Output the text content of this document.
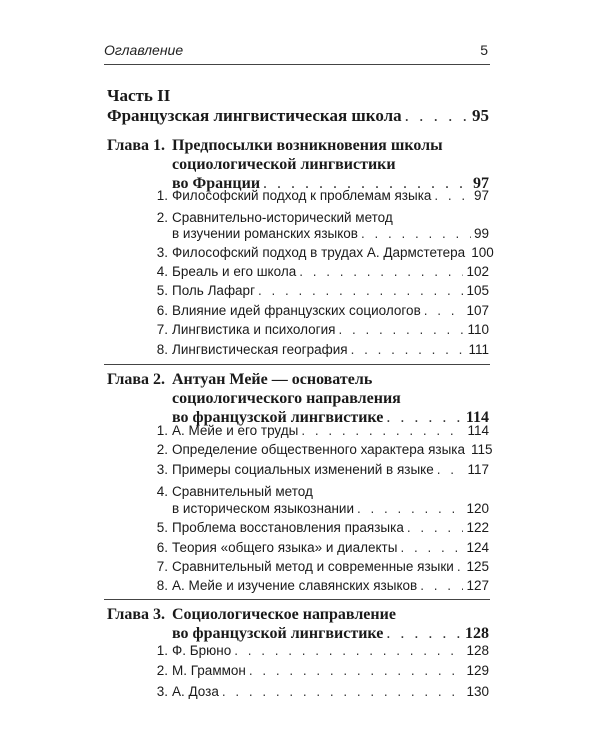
Оглавление	5
Часть II
Французская лингвистическая школа . . .	95
Глава 1. Предпосылки возникновения школы
социологической лингвистики
во Франции . . .	97
1. Философский подход к проблемам языка . . .	97
2. Сравнительно-исторический метод
в изучении романских языков . . .	99
3. Философский подход в трудах А. Дармстетера 100
4. Бреаль и его школа . . .	102
5. Поль Лафарг . . .	105
6. Влияние идей французских социологов . . .	107
7. Лингвистика и психология . . .	110
8. Лингвистическая география . . .	111
Глава 2. Антуан Мейе — основатель
социологического направления
во французской лингвистике . . .	114
1. А. Мейе и его труды . . .	114
2. Определение общественного характера языка 115
3. Примеры социальных изменений в языке . . . 117
4. Сравнительный метод
в историческом языкознании . . .	120
5. Проблема восстановления праязыка . . .	122
6. Теория «общего языка» и диалекты . . .	124
7. Сравнительный метод и современные языки . . . 125
8. А. Мейе и изучение славянских языков . . .	127
Глава 3. Социологическое направление
во французской лингвистике . . .	128
1. Ф. Брюно . . .	128
2. М. Граммон . . .	129
3. А. Доза . . .	130
